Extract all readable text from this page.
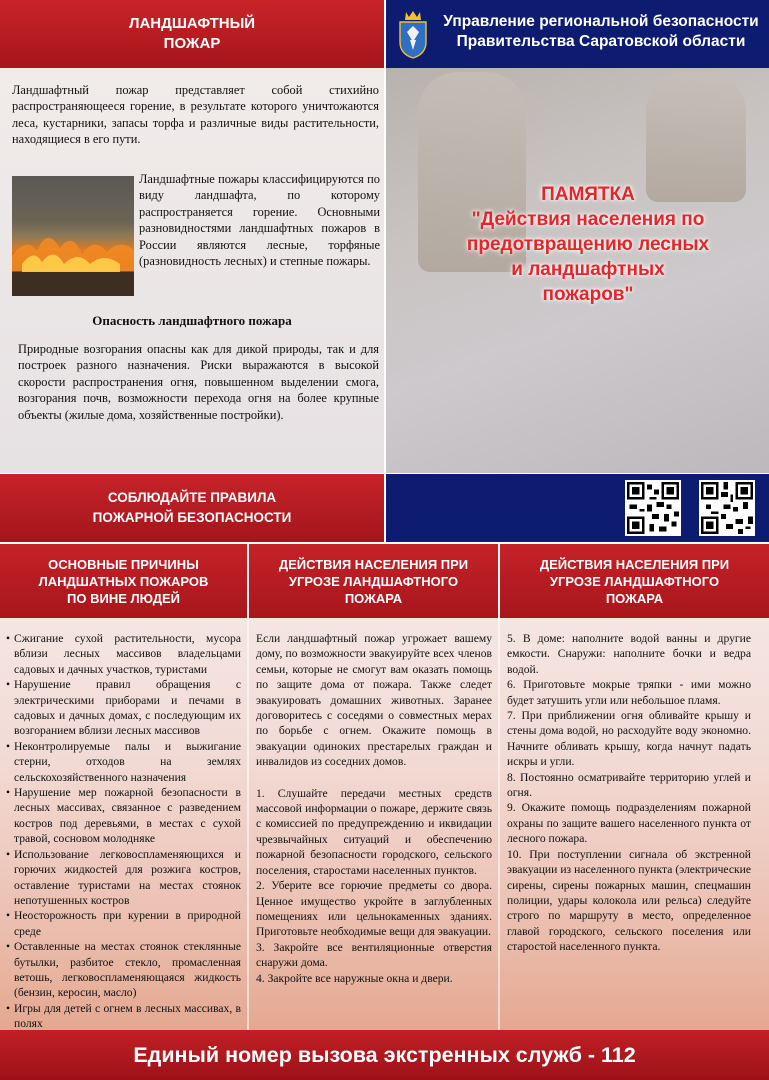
ЛАНДШАФТНЫЙ
ПОЖАР
Управление региональной безопасности
Правительства Саратовской области

Ландшафтный пожар представляет собой стихийно распространяющееся горение, в результате которого уничтожаются леса, кустарники, запасы торфа и различные виды растительности, находящиеся в его пути.

Ландшафтные пожары классифицируются по виду ландшафта, по которому распространяется горение. Основными разновидностями ландшафтных пожаров в России являются лесные, торфяные (разновидность лесных) и степные пожары.

Опасность ландшафтного пожара

Природные возгорания опасны как для дикой природы, так и для построек разного назначения. Риски выражаются в высокой скорости распространения огня, повышенном выделении смога, возгорания почв, возможности перехода огня на более крупные объекты (жилые дома, хозяйственные постройки).

ПАМЯТКА
"Действия населения по
предотвращению лесных
и ландшафтных
пожаров"
СОБЛЮДАЙТЕ ПРАВИЛА
ПОЖАРНОЙ БЕЗОПАСНОСТИ
ОСНОВНЫЕ ПРИЧИНЫ
ЛАНДШАТНЫХ ПОЖАРОВ
ПО ВИНЕ ЛЮДЕЙ
ДЕЙСТВИЯ НАСЕЛЕНИЯ ПРИ
УГРОЗЕ ЛАНДШАФТНОГО
ПОЖАРА
ДЕЙСТВИЯ НАСЕЛЕНИЯ ПРИ
УГРОЗЕ ЛАНДШАФТНОГО
ПОЖАРА
• Сжигание сухой растительности, мусора вблизи лесных массивов владельцами садовых и дачных участков, туристами
• Нарушение правил обращения с электрическими приборами и печами в садовых и дачных домах, с последующим их возгоранием вблизи лесных массивов
• Неконтролируемые палы и выжигание стерни, отходов на землях сельскохозяйственного назначения
• Нарушение мер пожарной безопасности в лесных массивах, связанное с разведением костров под деревьями, в местах с сухой травой, сосновом молодняке
• Использование легковоспламеняющихся и горючих жидкостей для розжига костров, оставление туристами на местах стоянок непотушенных костров
• Неосторожность при курении в природной среде
• Оставленные на местах стоянок стеклянные бутылки, разбитое стекло, промасленная ветошь, легковоспламеняющаяся жидкость (бензин, керосин, масло)
• Игры для детей с огнем в лесных массивах, в полях

Если ландшафтный пожар угрожает вашему дому, по возможности эвакуируйте всех членов семьи, которые не смогут вам оказать помощь по защите дома от пожара. Также следет эвакуировать домашних животных. Заранее договоритесь с соседями о совместных мерах по борьбе с огнем. Окажите помощь в эвакуации одиноких престарелых граждан и инвалидов из соседних домов.

1. Слушайте передачи местных средств массовой информации о пожаре, держите связь с комиссией по предупреждению и иквидации чрезвычайных ситуаций и обеспечению пожарной безопасности городского, сельского поселения, старостами населенных пунктов.

2. Уберите все горючие предметы со двора. Ценное имущество укройте в заглубленных помещениях или цельнокаменных зданиях. Приготовьте необходимые вещи для эвакуации.

3. Закройте все вентиляционные отверстия снаружи дома.

4. Закройте все наружные окна и двери.

5. В доме: наполните водой ванны и другие емкости. Снаружи: наполните бочки и ведра водой.

6. Приготовьте мокрые тряпки - ими можно будет затушить угли или небольшое пламя.

7. При приближении огня обливайте крышу и стены дома водой, но расходуйте воду экономно. Начните обливать крышу, когда начнут падать искры и угли.

8. Постоянно осматривайте территорию углей и огня.

9. Окажите помощь подразделениям пожарной охраны по защите вашего населенного пункта от лесного пожара.

10. При поступлении сигнала об экстренной эвакуации из населенного пункта (электрические сирены, сирены пожарных машин, спецмашин полиции, удары колокола или рельса) следуйте строго по маршруту в место, определенное главой городского, сельского поселения или старостой населенного пункта.

Единый номер вызова экстренных служб - 112
